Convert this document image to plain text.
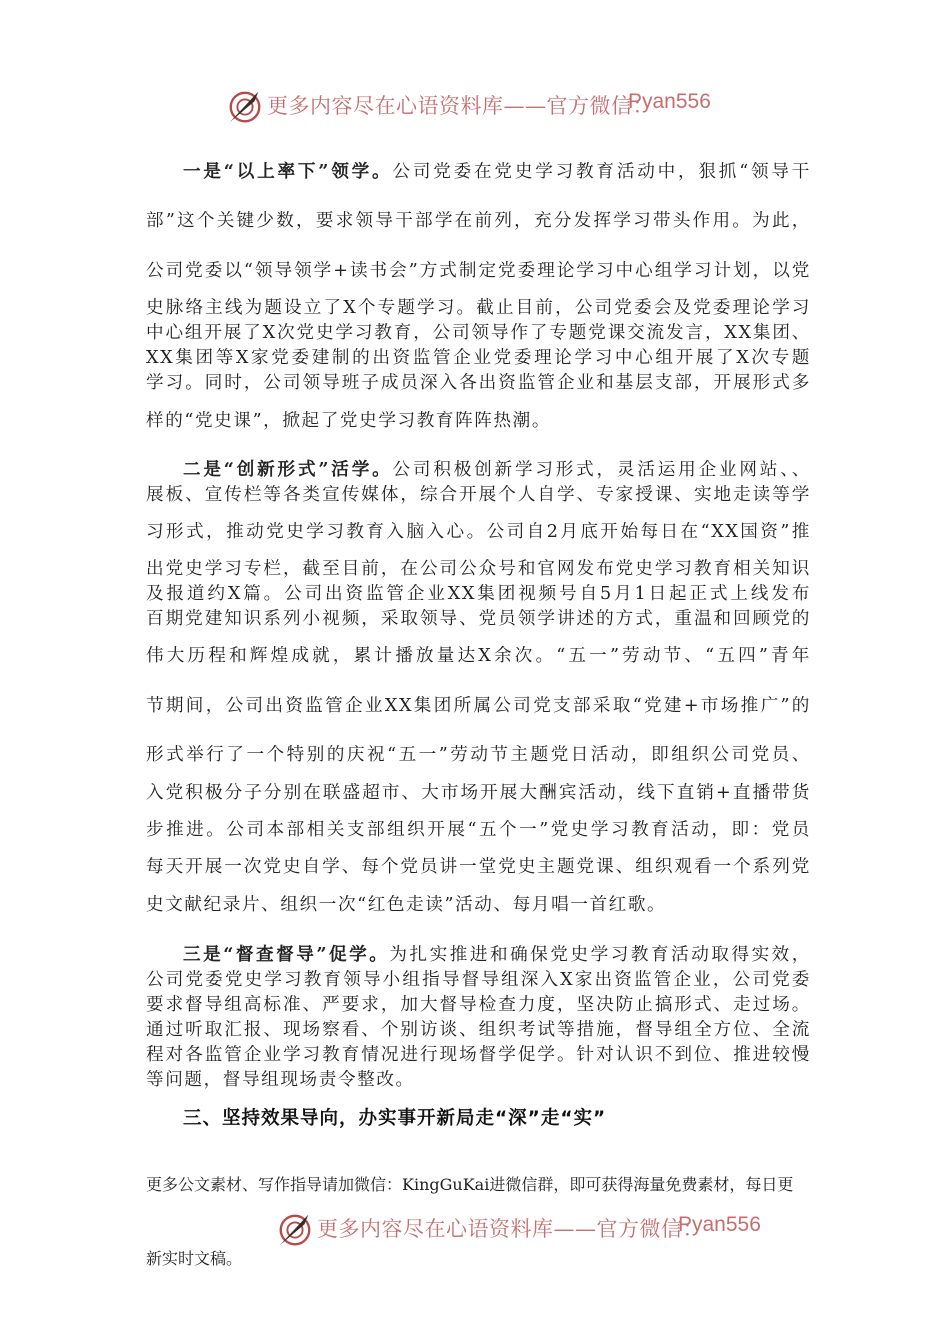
更多内容尽在心语资料库——官方微信：
Pyan556
一是“以上率下”领学。公司党委在党史学习教育活动中，狠抓“领导干
部”这个关键少数，要求领导干部学在前列，充分发挥学习带头作用。为此，
公司党委以“领导领学+读书会”方式制定党委理论学习中心组学习计划，以党
史脉络主线为题设立了X个专题学习。截止目前，公司党委会及党委理论学习
中心组开展了X次党史学习教育，公司领导作了专题党课交流发言，XX集团、
XX集团等X家党委建制的出资监管企业党委理论学习中心组开展了X次专题
学习。同时，公司领导班子成员深入各出资监管企业和基层支部，开展形式多
样的“党史课”，掀起了党史学习教育阵阵热潮。
二是“创新形式”活学。公司积极创新学习形式，灵活运用企业网站、、
展板、宣传栏等各类宣传媒体，综合开展个人自学、专家授课、实地走读等学
习形式，推动党史学习教育入脑入心。公司自2月底开始每日在“XX国资”推
出党史学习专栏，截至目前，在公司公众号和官网发布党史学习教育相关知识
及报道约X篇。公司出资监管企业XX集团视频号自5月1日起正式上线发布
百期党建知识系列小视频，采取领导、党员领学讲述的方式，重温和回顾党的
伟大历程和辉煌成就，累计播放量达X余次。“五一”劳动节、“五四”青年
节期间，公司出资监管企业XX集团所属公司党支部采取“党建+市场推广”的
形式举行了一个特别的庆祝“五一”劳动节主题党日活动，即组织公司党员、
入党积极分子分别在联盛超市、大市场开展大酬宾活动，线下直销+直播带货
步推进。公司本部相关支部组织开展“五个一”党史学习教育活动，即：党员
每天开展一次党史自学、每个党员讲一堂党史主题党课、组织观看一个系列党
史文献纪录片、组织一次“红色走读”活动、每月唱一首红歌。
三是“督查督导”促学。为扎实推进和确保党史学习教育活动取得实效，
公司党委党史学习教育领导小组指导督导组深入X家出资监管企业，公司党委
要求督导组高标准、严要求，加大督导检查力度，坚决防止搞形式、走过场。
通过听取汇报、现场察看、个别访谈、组织考试等措施，督导组全方位、全流
程对各监管企业学习教育情况进行现场督学促学。针对认识不到位、推进较慢
等问题，督导组现场责令整改。
三、坚持效果导向，办实事开新局走“深”走“实”
更多公文素材、写作指导请加微信：KingGuKai进微信群，即可获得海量免费素材，每日更
更多内容尽在心语资料库——官方微信：
Pyan556
新实时文稿。
